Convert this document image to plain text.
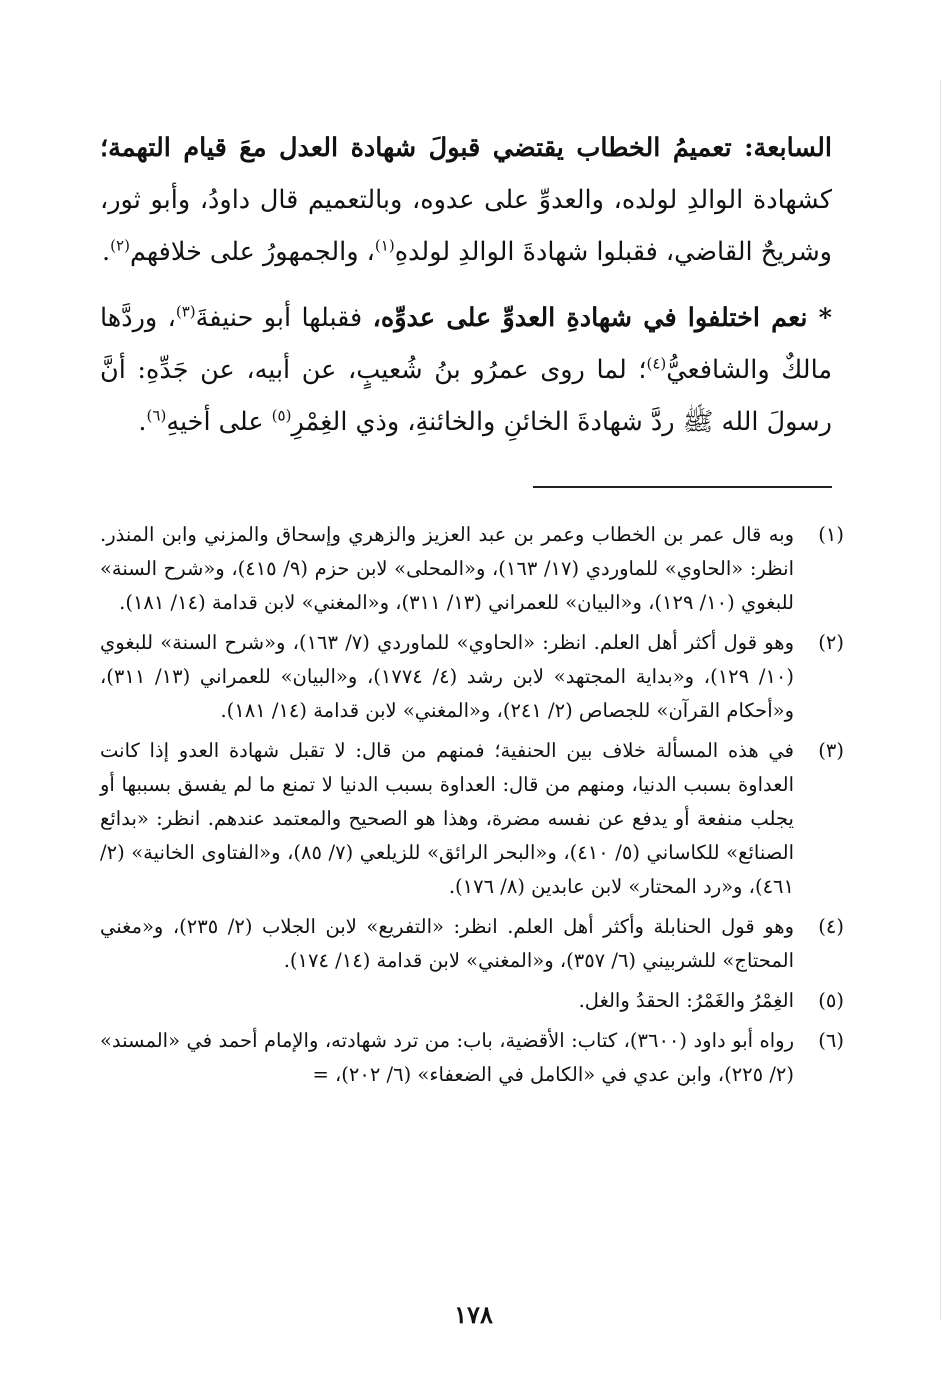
السابعة: تعميمُ الخطاب يقتضي قبولَ شهادة العدل معَ قيام التهمة؛ كشهادة الوالدِ لولده، والعدوِّ على عدوه، وبالتعميم قال داودُ، وأبو ثور، وشريحٌ القاضي، فقبلوا شهادةَ الوالدِ لولدهِ$^{(١)}$، والجمهورُ على خلافهم$^{(٢)}$.

* نعم اختلفوا في شهادةِ العدوِّ على عدوِّه، فقبلها أبو حنيفةَ$^{(٣)}$، وردَّها مالكٌ والشافعيُّ$^{(٤)}$؛ لما روى عمرُو بنُ شُعيبٍ، عن أبيه، عن جَدِّهِ: أنَّ رسولَ الله ﷺ ردَّ شهادةَ الخائنِ والخائنةِ، وذي الغِمْرِ$^{(٥)}$ على أخيهِ$^{(٦)}$.

(١)
وبه قال عمر بن الخطاب وعمر بن عبد العزيز والزهري وإسحاق والمزني وابن المنذر. انظر: «الحاوي» للماوردي (١٧/ ١٦٣)، و«المحلى» لابن حزم (٩/ ٤١٥)، و«شرح السنة» للبغوي (١٠/ ١٢٩)، و«البيان» للعمراني (١٣/ ٣١١)، و«المغني» لابن قدامة (١٤/ ١٨١).
(٢)
وهو قول أكثر أهل العلم. انظر: «الحاوي» للماوردي (٧/ ١٦٣)، و«شرح السنة» للبغوي (١٠/ ١٢٩)، و«بداية المجتهد» لابن رشد (٤/ ١٧٧٤)، و«البيان» للعمراني (١٣/ ٣١١)، و«أحكام القرآن» للجصاص (٢/ ٢٤١)، و«المغني» لابن قدامة (١٤/ ١٨١).
(٣)
في هذه المسألة خلاف بين الحنفية؛ فمنهم من قال: لا تقبل شهادة العدو إذا كانت العداوة بسبب الدنيا، ومنهم من قال: العداوة بسبب الدنيا لا تمنع ما لم يفسق بسببها أو يجلب منفعة أو يدفع عن نفسه مضرة، وهذا هو الصحيح والمعتمد عندهم. انظر: «بدائع الصنائع» للكاساني (٥/ ٤١٠)، و«البحر الرائق» للزيلعي (٧/ ٨٥)، و«الفتاوى الخانية» (٢/ ٤٦١)، و«رد المحتار» لابن عابدين (٨/ ١٧٦).
(٤)
وهو قول الحنابلة وأكثر أهل العلم. انظر: «التفريع» لابن الجلاب (٢/ ٢٣٥)، و«مغني المحتاج» للشربيني (٦/ ٣٥٧)، و«المغني» لابن قدامة (١٤/ ١٧٤).
(٥)
الغِمْرُ والغَمْرُ: الحقدُ والغل.
(٦)
رواه أبو داود (٣٦٠٠)، كتاب: الأقضية، باب: من ترد شهادته، والإمام أحمد في «المسند» (٢/ ٢٢٥)، وابن عدي في «الكامل في الضعفاء» (٦/ ٢٠٢)، =
١٧٨
